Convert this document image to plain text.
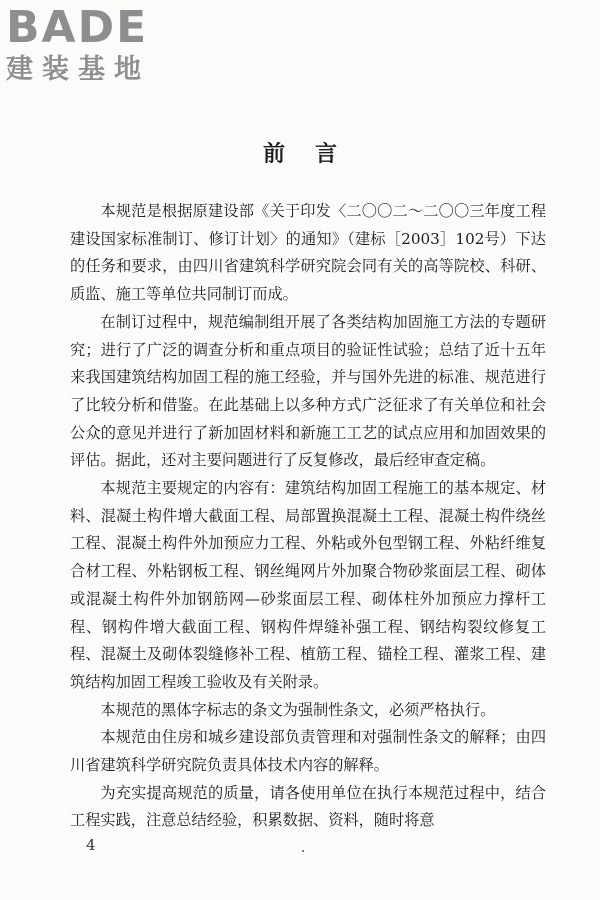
BADE
建装基地
前言

本规范是根据原建设部《关于印发〈二〇〇二～二〇〇三年度工程建设国家标准制订、修订计划〉的通知》（建标［2003］102号）下达的任务和要求，由四川省建筑科学研究院会同有关的高等院校、科研、质监、施工等单位共同制订而成。

在制订过程中，规范编制组开展了各类结构加固施工方法的专题研究；进行了广泛的调查分析和重点项目的验证性试验；总结了近十五年来我国建筑结构加固工程的施工经验，并与国外先进的标准、规范进行了比较分析和借鉴。在此基础上以多种方式广泛征求了有关单位和社会公众的意见并进行了新加固材料和新施工工艺的试点应用和加固效果的评估。据此，还对主要问题进行了反复修改，最后经审查定稿。

本规范主要规定的内容有：建筑结构加固工程施工的基本规定、材料、混凝土构件增大截面工程、局部置换混凝土工程、混凝土构件绕丝工程、混凝土构件外加预应力工程、外粘或外包型钢工程、外粘纤维复合材工程、外粘钢板工程、钢丝绳网片外加聚合物砂浆面层工程、砌体或混凝土构件外加钢筋网—砂浆面层工程、砌体柱外加预应力撑杆工程、钢构件增大截面工程、钢构件焊缝补强工程、钢结构裂纹修复工程、混凝土及砌体裂缝修补工程、植筋工程、锚栓工程、灌浆工程、建筑结构加固工程竣工验收及有关附录。

本规范的黑体字标志的条文为强制性条文，必须严格执行。

本规范由住房和城乡建设部负责管理和对强制性条文的解释；由四川省建筑科学研究院负责具体技术内容的解释。

为充实提高规范的质量，请各使用单位在执行本规范过程中，结合工程实践，注意总结经验，积累数据、资料，随时将意

4
